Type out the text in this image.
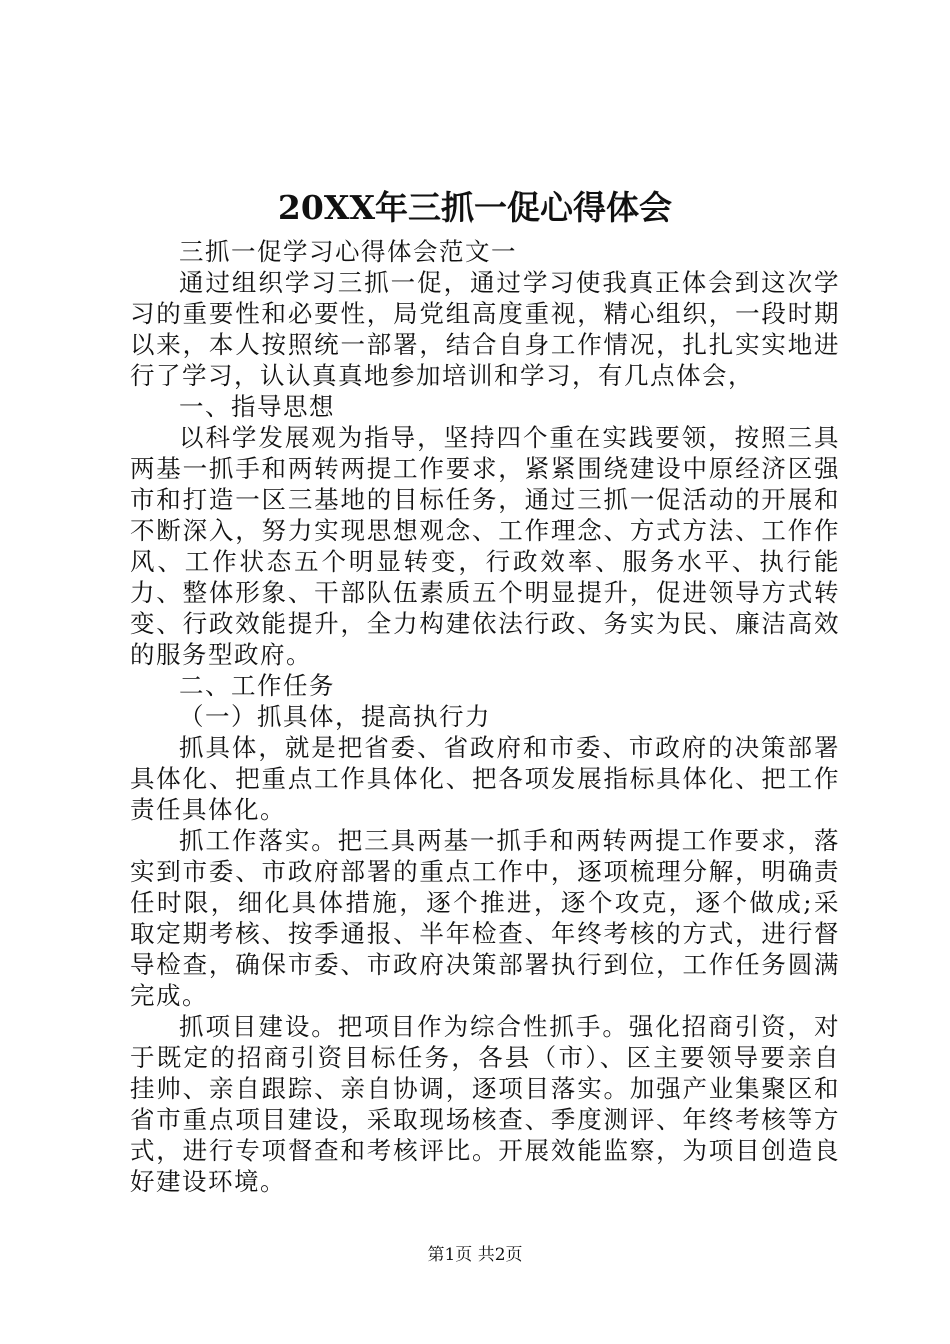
20XX年三抓一促心得体会

三抓一促学习心得体会范文一

通过组织学习三抓一促，通过学习使我真正体会到这次学习的重要性和必要性，局党组高度重视，精心组织，一段时期以来，本人按照统一部署，结合自身工作情况，扎扎实实地进行了学习，认认真真地参加培训和学习，有几点体会，

一、指导思想

以科学发展观为指导，坚持四个重在实践要领，按照三具两基一抓手和两转两提工作要求，紧紧围绕建设中原经济区强市和打造一区三基地的目标任务，通过三抓一促活动的开展和不断深入，努力实现思想观念、工作理念、方式方法、工作作风、工作状态五个明显转变，行政效率、服务水平、执行能力、整体形象、干部队伍素质五个明显提升，促进领导方式转变、行政效能提升，全力构建依法行政、务实为民、廉洁高效的服务型政府。

二、工作任务

（一）抓具体，提高执行力

抓具体，就是把省委、省政府和市委、市政府的决策部署具体化、把重点工作具体化、把各项发展指标具体化、把工作责任具体化。

抓工作落实。把三具两基一抓手和两转两提工作要求，落实到市委、市政府部署的重点工作中，逐项梳理分解，明确责任时限，细化具体措施，逐个推进，逐个攻克，逐个做成;采取定期考核、按季通报、半年检查、年终考核的方式，进行督导检查，确保市委、市政府决策部署执行到位，工作任务圆满完成。

抓项目建设。把项目作为综合性抓手。强化招商引资，对于既定的招商引资目标任务，各县（市）、区主要领导要亲自挂帅、亲自跟踪、亲自协调，逐项目落实。加强产业集聚区和省市重点项目建设，采取现场核查、季度测评、年终考核等方式，进行专项督查和考核评比。开展效能监察，为项目创造良好建设环境。

第1页 共2页
